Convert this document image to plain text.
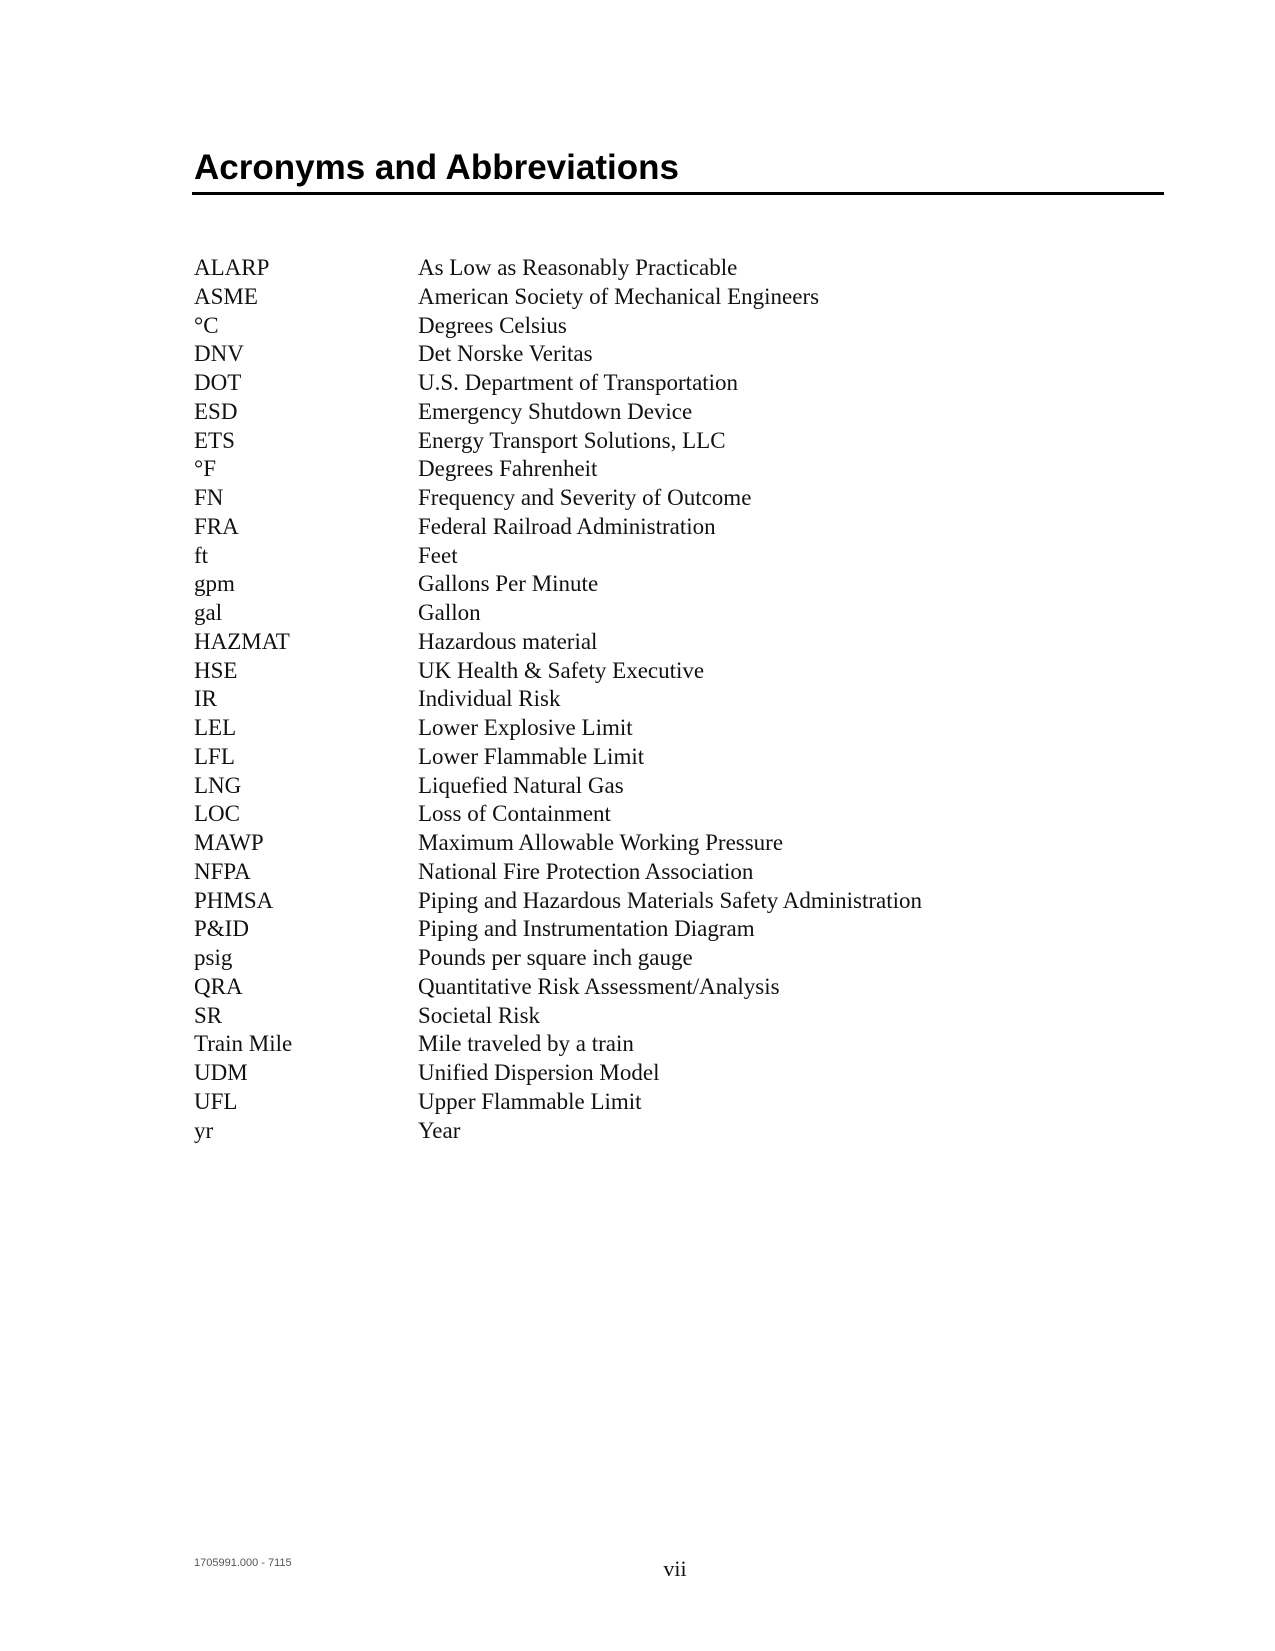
Acronyms and Abbreviations
ALARP	As Low as Reasonably Practicable
ASME	American Society of Mechanical Engineers
°C	Degrees Celsius
DNV	Det Norske Veritas
DOT	U.S. Department of Transportation
ESD	Emergency Shutdown Device
ETS	Energy Transport Solutions, LLC
°F	Degrees Fahrenheit
FN	Frequency and Severity of Outcome
FRA	Federal Railroad Administration
ft	Feet
gpm	Gallons Per Minute
gal	Gallon
HAZMAT	Hazardous material
HSE	UK Health & Safety Executive
IR	Individual Risk
LEL	Lower Explosive Limit
LFL	Lower Flammable Limit
LNG	Liquefied Natural Gas
LOC	Loss of Containment
MAWP	Maximum Allowable Working Pressure
NFPA	National Fire Protection Association
PHMSA	Piping and Hazardous Materials Safety Administration
P&ID	Piping and Instrumentation Diagram
psig	Pounds per square inch gauge
QRA	Quantitative Risk Assessment/Analysis
SR	Societal Risk
Train Mile	Mile traveled by a train
UDM	Unified Dispersion Model
UFL	Upper Flammable Limit
yr	Year
1705991.000 - 7115	vii
